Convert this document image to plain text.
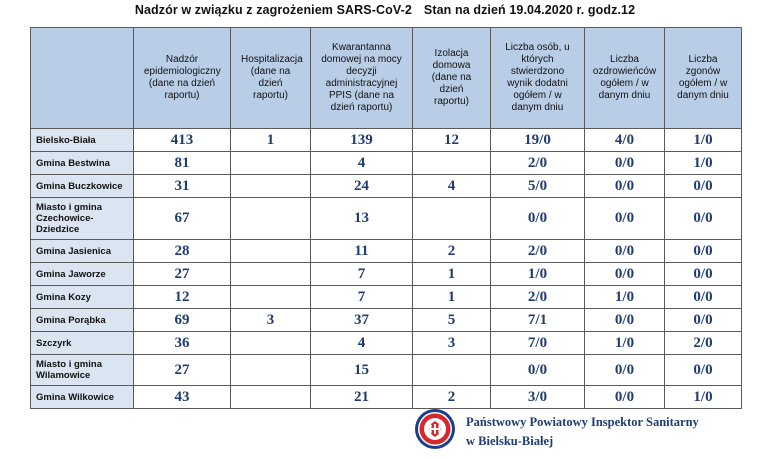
Nadzór w związku z zagrożeniem SARS-CoV-2 Stan na dzień 19.04.2020 r. godz.12
	Nadzór epidemiologiczny (dane na dzień raportu)	Hospitalizacja (dane na dzień raportu)	Kwarantanna domowej na mocy decyzji administracyjnej PPIS (dane na dzień raportu)	Izolacja domowa (dane na dzień raportu)	Liczba osób, u których stwierdzono wynik dodatni ogółem / w danym dniu	Liczba ozdrowieńców ogółem / w danym dniu	Liczba zgonów ogółem / w danym dniu
Bielsko-Biała	413	1	139	12	19/0	4/0	1/0
Gmina Bestwina	81		4		2/0	0/0	1/0
Gmina Buczkowice	31		24	4	5/0	0/0	0/0
Miasto i gmina Czechowice-Dziedzice	67		13		0/0	0/0	0/0
Gmina Jasienica	28		11	2	2/0	0/0	0/0
Gmina Jaworze	27		7	1	1/0	0/0	0/0
Gmina Kozy	12		7	1	2/0	1/0	0/0
Gmina Porąbka	69	3	37	5	7/1	0/0	0/0
Szczyrk	36		4	3	7/0	1/0	2/0
Miasto i gmina Wilamowice	27		15		0/0	0/0	0/0
Gmina Wilkowice	43		21	2	3/0	0/0	1/0
Państwowy Powiatowy Inspektor Sanitarny
w Bielsku-Białej
